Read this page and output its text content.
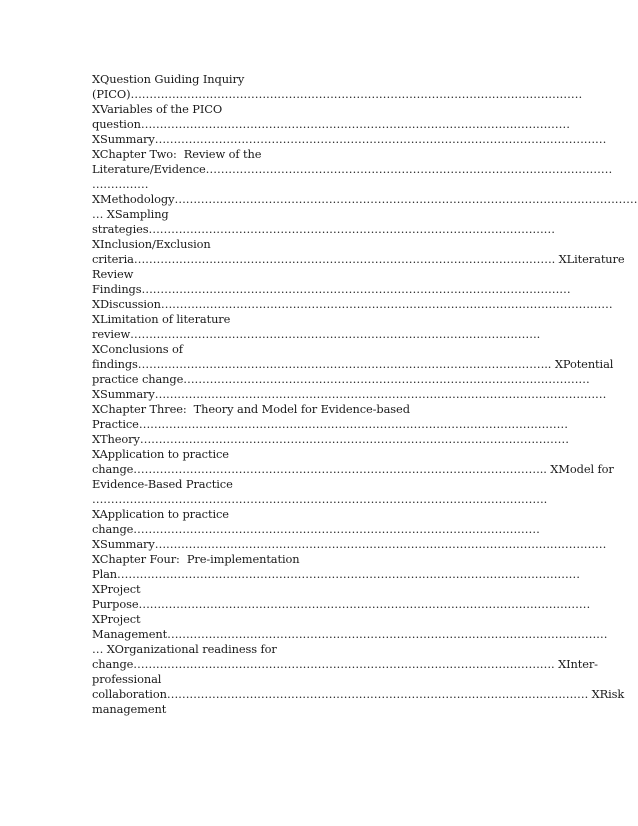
XQuestion Guiding Inquiry
(PICO)…………………………………………………………………………………………………………
XVariables of the PICO
question……………………………………………………………………………………………………
XSummary…………………………………………………………………………………………………………
XChapter Two:  Review of the
Literature/Evidence………………………………………………………………………………………………
……………
XMethodology……………………………………………………………………………………………………………
… XSampling
strategies………………………………………………………………………………………………
XInclusion/Exclusion
criteria…………………………………………………………………………………………………. XLiterature
Review
Findings……………………………………………………………………………………………………
XDiscussion…………………………………………………………………………………………………………
XLimitation of literature
review……………………………………………………………………………………………….
XConclusions of
findings……………………………………………………………………………………………….. XPotential
practice change………………………………………………………………………………………………
XSummary…………………………………………………………………………………………………………
XChapter Three:  Theory and Model for Evidence-based
Practice……………………………………………………………………………………………………
XTheory……………………………………………………………………………………………………
XApplication to practice
change……………………………………………………………………………………………….. XModel for
Evidence-Based Practice
………………………………………………………………………………………………………….
XApplication to practice
change………………………………………………………………………………………………
XSummary…………………………………………………………………………………………………………
XChapter Four:  Pre-implementation
Plan……………………………………………………………………………………………………………
XProject
Purpose…………………………………………………………………………………………………………
XProject
Management………………………………………………………………………………………………………
… XOrganizational readiness for
change…………………………………………………………………………………………………. XInter-
professional
collaboration…………………………………………………………………………………………………. XRisk
management
